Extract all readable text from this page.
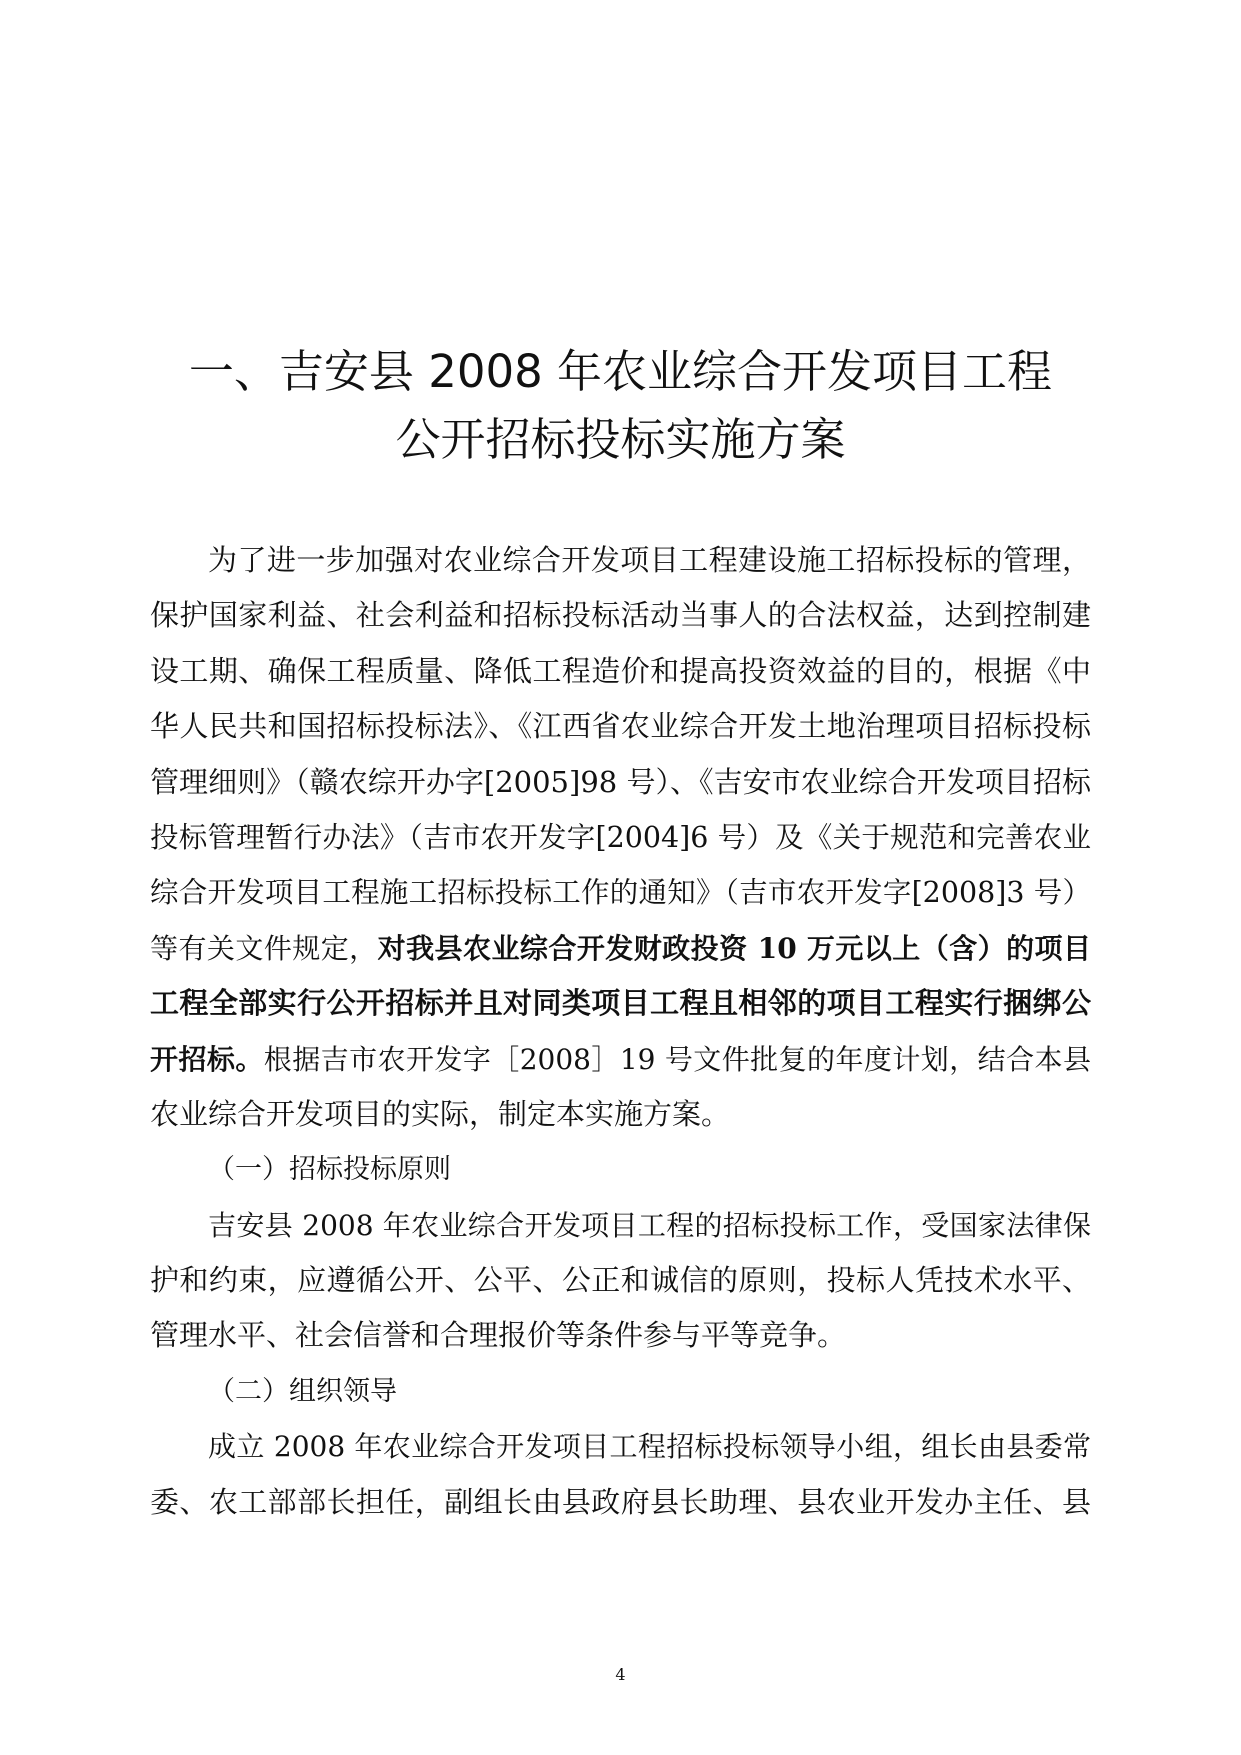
一、吉安县 2008 年农业综合开发项目工程
公开招标投标实施方案
为了进一步加强对农业综合开发项目工程建设施工招标投标的管理，
保护国家利益、社会利益和招标投标活动当事人的合法权益，达到控制建
设工期、确保工程质量、降低工程造价和提高投资效益的目的，根据《中
华人民共和国招标投标法》、《江西省农业综合开发土地治理项目招标投标
管理细则》（赣农综开办字[2005]98 号）、《吉安市农业综合开发项目招标
投标管理暂行办法》（吉市农开发字[2004]6 号）及《关于规范和完善农业
综合开发项目工程施工招标投标工作的通知》（吉市农开发字[2008]3 号）
等有关文件规定，对我县农业综合开发财政投资 10 万元以上（含）的项目
工程全部实行公开招标并且对同类项目工程且相邻的项目工程实行捆绑公
开招标。根据吉市农开发字［2008］19 号文件批复的年度计划，结合本县
农业综合开发项目的实际，制定本实施方案。
（一）招标投标原则
吉安县 2008 年农业综合开发项目工程的招标投标工作，受国家法律保
护和约束，应遵循公开、公平、公正和诚信的原则，投标人凭技术水平、
管理水平、社会信誉和合理报价等条件参与平等竞争。
（二）组织领导
成立 2008 年农业综合开发项目工程招标投标领导小组，组长由县委常
委、农工部部长担任，副组长由县政府县长助理、县农业开发办主任、县
4
